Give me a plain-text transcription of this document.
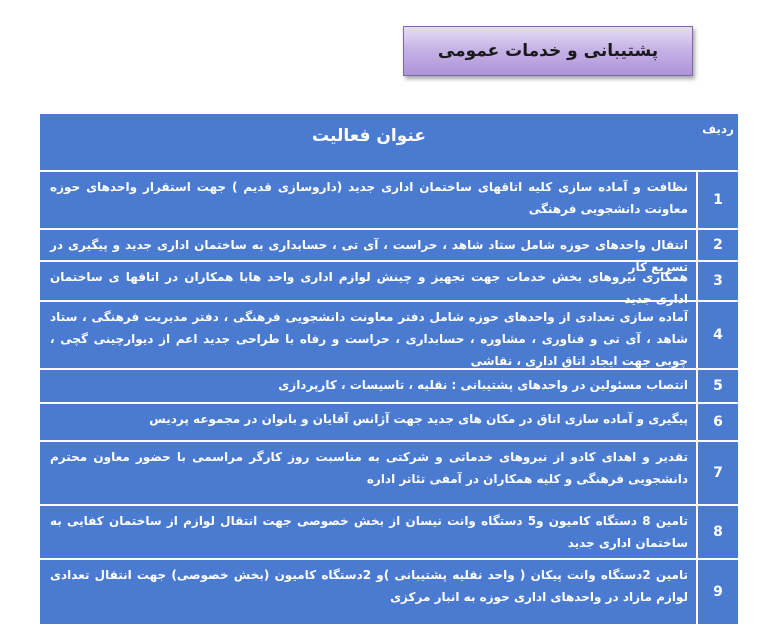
پشتیبانی و خدمات عمومی
ردیف
عنوان فعالیت
1
نظافت و آماده سازی کلیه اتاقهای ساختمان اداری جدید (داروسازی قدیم ) جهت استقرار واحدهای حوزه معاونت دانشجویی فرهنگی
2
انتقال واحدهای حوزه شامل ستاد شاهد ، حراست ، آی تی ، حسابداری به ساختمان اداری جدید و پیگیری در تسریع کار
3
همکاری نیروهای بخش خدمات جهت تجهیز و چینش لوازم اداری واحد هابا همکاران در اتاقها ی ساختمان اداری جدید
4
آماده سازی تعدادی از واحدهای حوزه شامل دفتر معاونت دانشجویی فرهنگی ، دفتر مدیریت فرهنگی ، ستاد شاهد ، آی تی و فناوری ، مشاوره ، حسابداری ، حراست و رفاه با طراحی جدید اعم از دیوارچینی گچی ، چوبی جهت ایجاد اتاق اداری ، نقاشی
5
انتصاب مسئولین در واحدهای پشتیبانی : نقلیه ، تاسیسات ، کارپردازی
6
پیگیری و آماده سازی اتاق در مکان های جدید جهت آژانس آقایان و بانوان در مجموعه پردیس
7
تقدیر و اهدای کادو از نیروهای خدماتی و شرکتی به مناسبت روز کارگر مراسمی با حضور معاون محترم دانشجویی فرهنگی و کلیه همکاران در آمفی تئاتر اداره
8
تامین 8 دستگاه کامیون و5 دستگاه وانت نیسان از بخش خصوصی جهت انتقال لوازم از ساختمان کفایی به ساختمان اداری جدید
9
تامین 2دستگاه وانت پیکان ( واحد نقلیه پشتیبانی )و 2دستگاه کامیون (بخش خصوصی) جهت انتقال تعدادی لوازم مازاد در واحدهای اداری حوزه به انبار مرکزی
